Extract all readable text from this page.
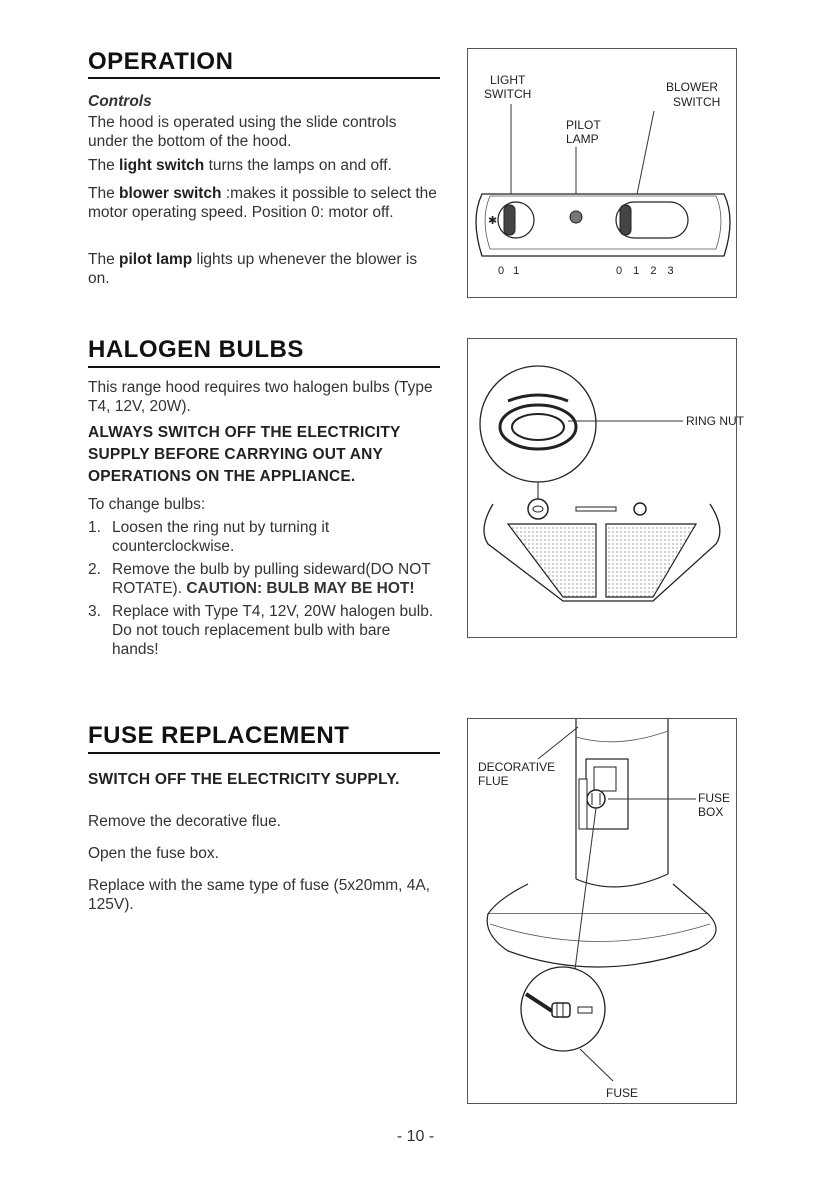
OPERATION

Controls

The hood is operated using the slide controls under the bottom of the hood.

The light switch turns the lamps on and off.

The blower switch :makes it possible to select the motor operating speed. Position 0: motor off.

The pilot lamp lights up whenever the blower is on.

LIGHT
SWITCH	BLOWER
SWITCH
PILOT
LAMP
✱
0 1	0 1 2 3
HALOGEN BULBS

This range hood requires two halogen bulbs (Type T4, 12V, 20W).

ALWAYS SWITCH OFF THE ELECTRICITY SUPPLY BEFORE CARRYING OUT ANY OPERATIONS ON THE APPLIANCE.

To change bulbs:

1. Loosen the ring nut by turning it counterclockwise.
2. Remove the bulb by pulling sideward(DO NOT ROTATE). CAUTION: BULB MAY BE HOT!
3. Replace with Type T4, 12V, 20W halogen bulb. Do not touch replacement bulb with bare hands!
RING NUT
FUSE REPLACEMENT

SWITCH OFF THE ELECTRICITY SUPPLY.

Remove the decorative flue.

Open the fuse box.

Replace with the same type of fuse (5x20mm, 4A, 125V).

DECORATIVE
FLUE
FUSE
BOX
FUSE
- 10 -
